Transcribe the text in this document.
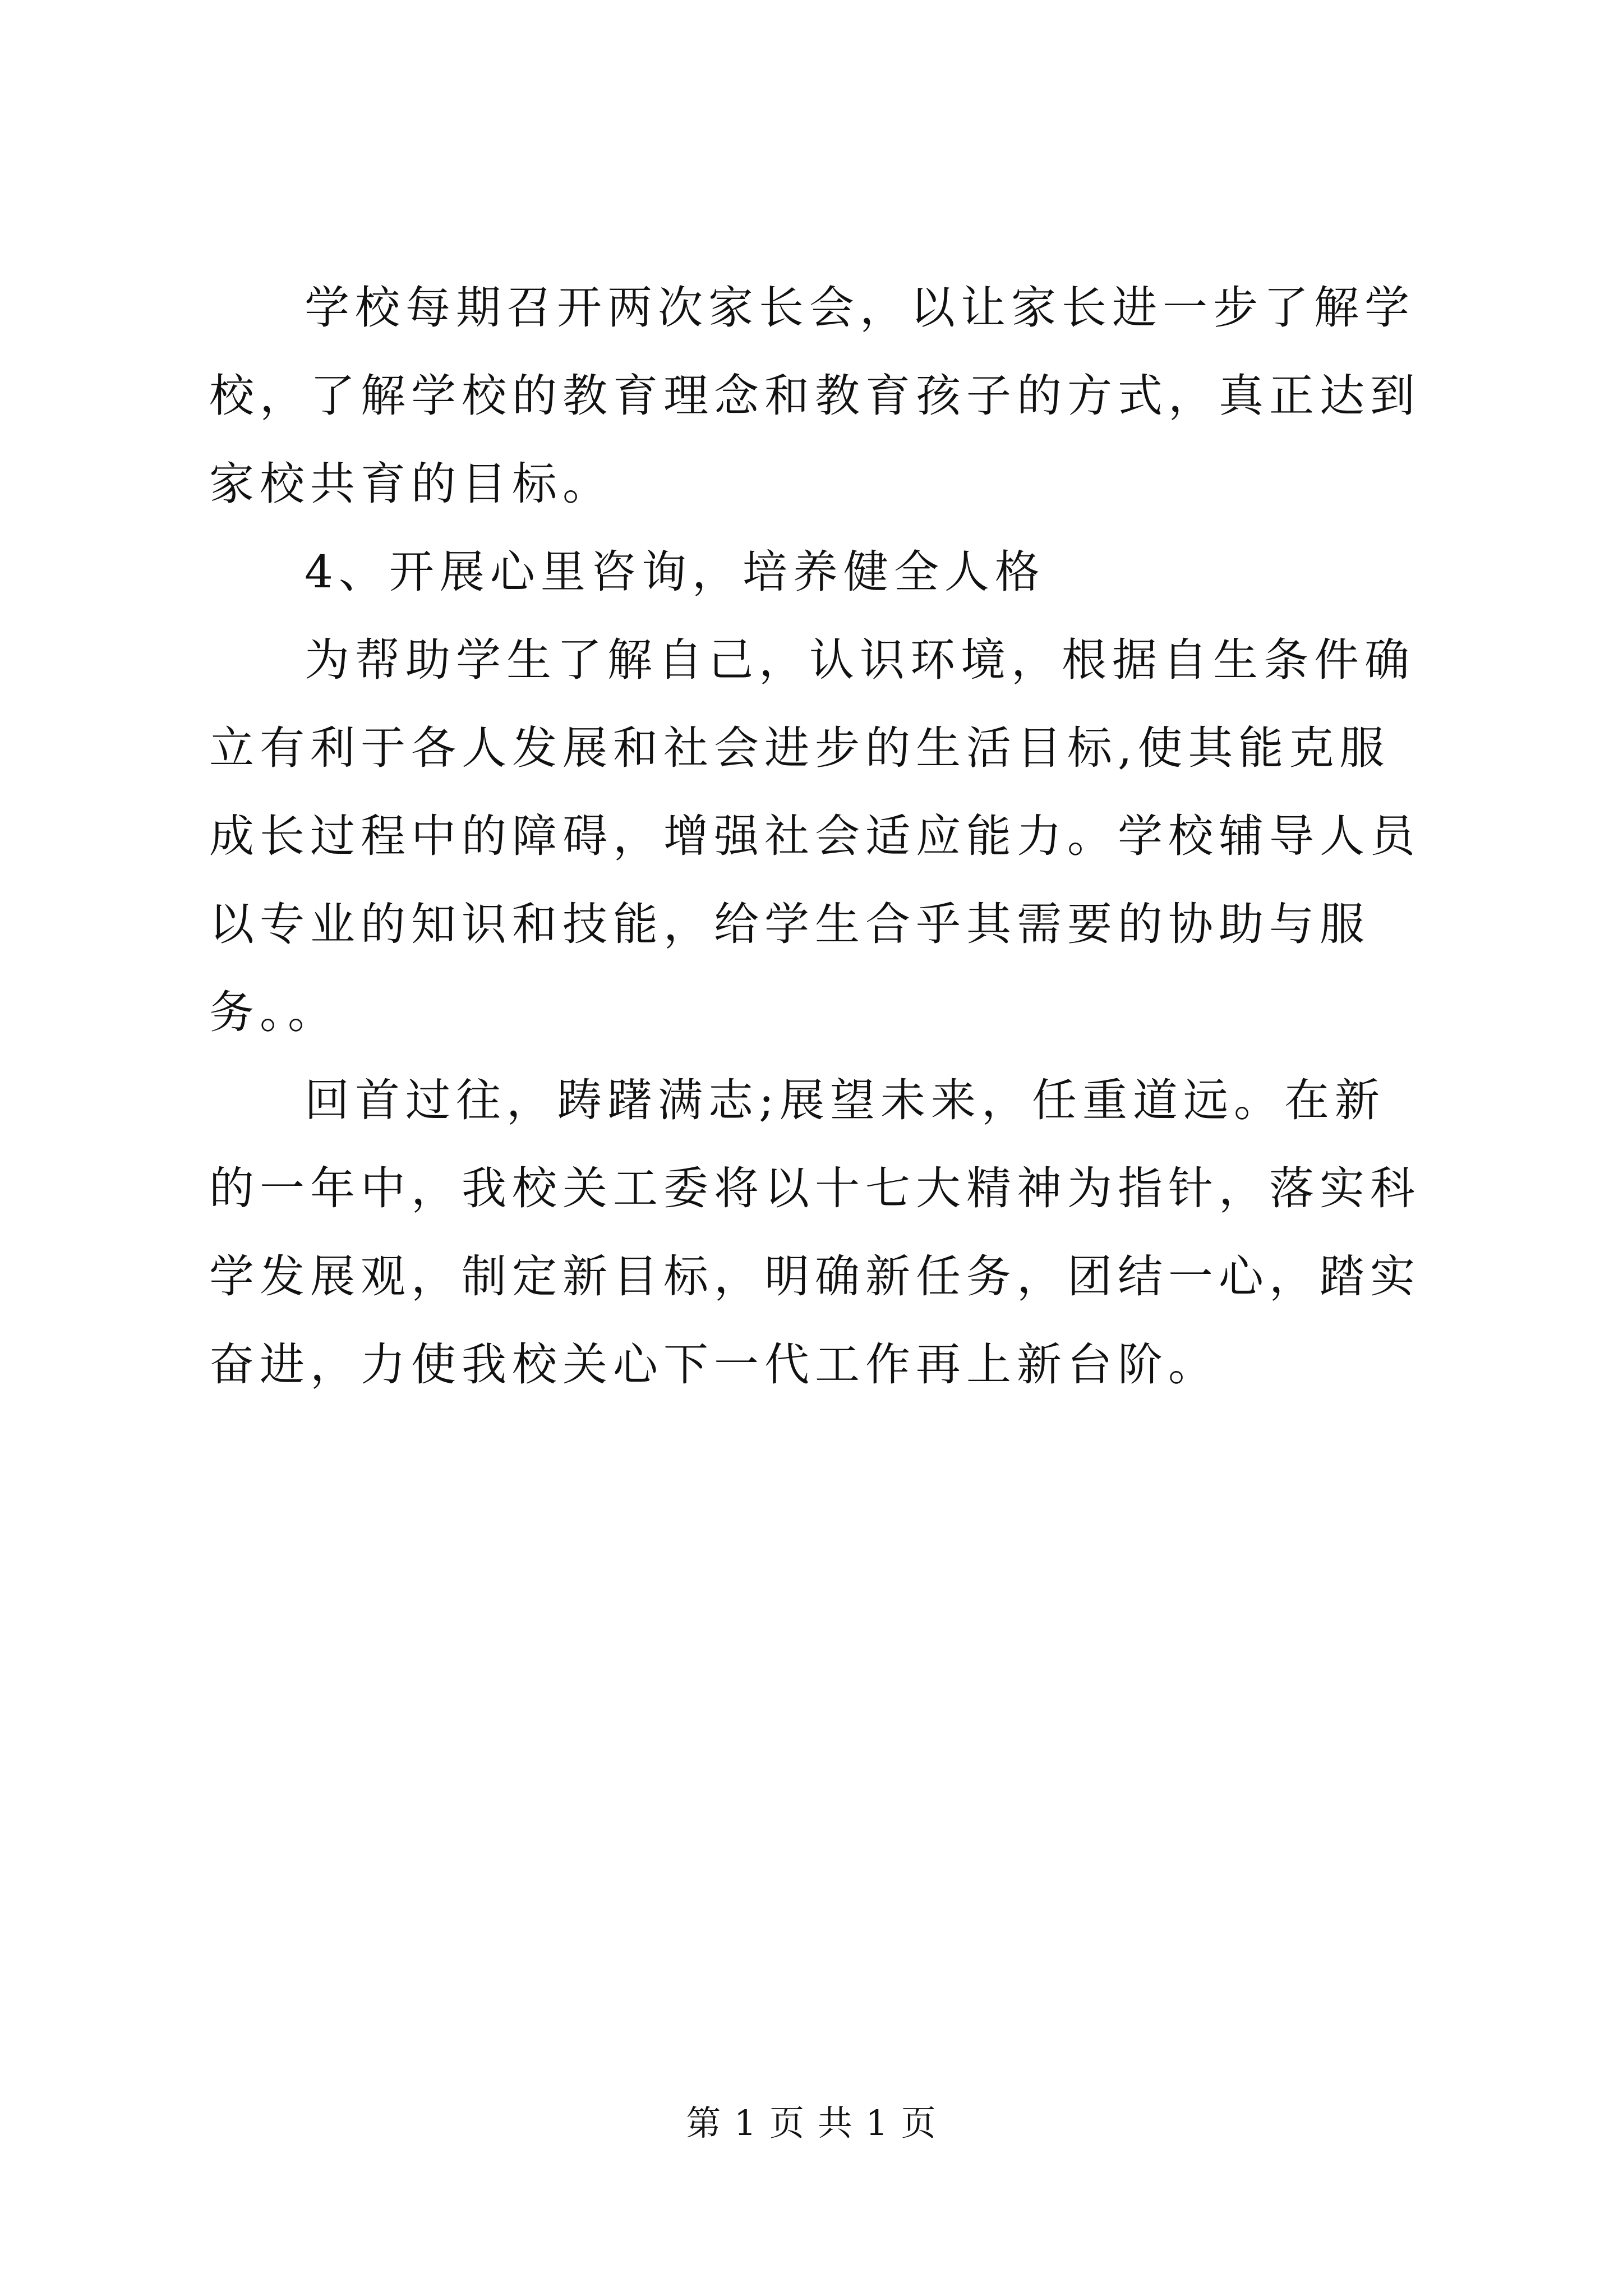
学校每期召开两次家长会，以让家长进一步了解学校，了解学校的教育理念和教育孩子的方式，真正达到家校共育的目标。

4、开展心里咨询，培养健全人格

为帮助学生了解自己，认识环境，根据自生条件确立有利于各人发展和社会进步的生活目标,使其能克服成长过程中的障碍，增强社会适应能力。学校辅导人员以专业的知识和技能，给学生合乎其需要的协助与服务。。

回首过往，踌躇满志;展望未来，任重道远。在新的一年中，我校关工委将以十七大精神为指针，落实科学发展观，制定新目标，明确新任务，团结一心，踏实奋进，力使我校关心下一代工作再上新台阶。

第 1 页 共 1 页
